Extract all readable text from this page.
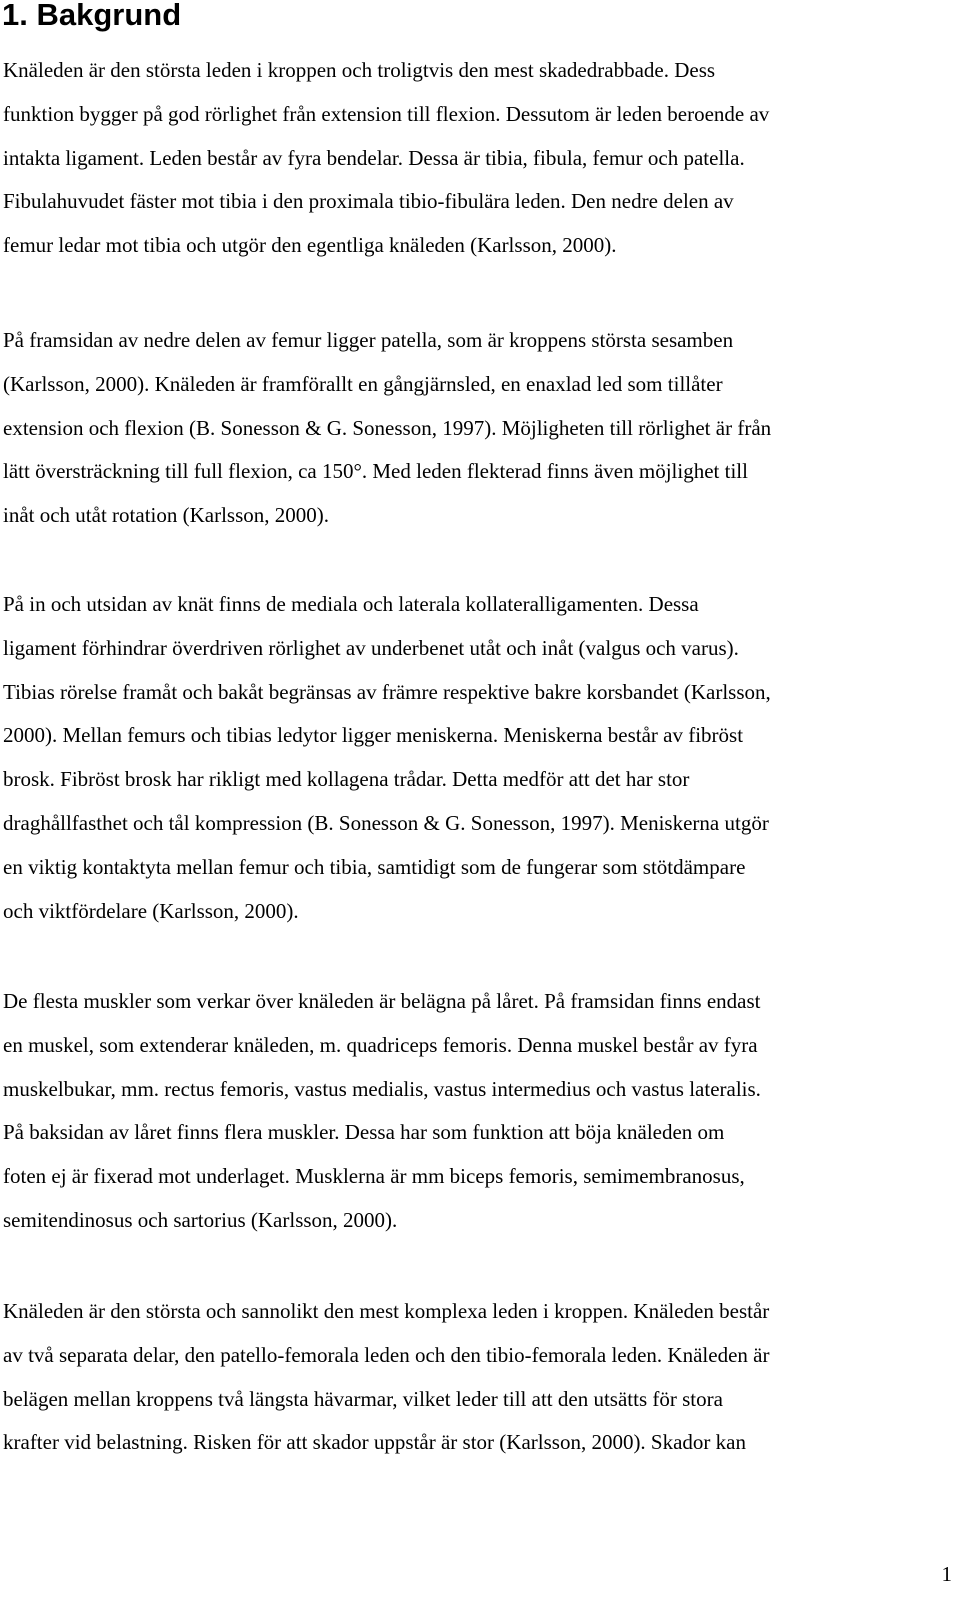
1. Bakgrund

Knäleden är den största leden i kroppen och troligtvis den mest skadedrabbade. Dess
funktion bygger på god rörlighet från extension till flexion. Dessutom är leden beroende av
intakta ligament. Leden består av fyra bendelar. Dessa är tibia, fibula, femur och patella.
Fibulahuvudet fäster mot tibia i den proximala tibio-fibulära leden. Den nedre delen av
femur ledar mot tibia och utgör den egentliga knäleden (Karlsson, 2000).

På framsidan av nedre delen av femur ligger patella, som är kroppens största sesamben
(Karlsson, 2000). Knäleden är framförallt en gångjärnsled, en enaxlad led som tillåter
extension och flexion (B. Sonesson & G. Sonesson, 1997). Möjligheten till rörlighet är från
lätt översträckning till full flexion, ca 150°. Med leden flekterad finns även möjlighet till
inåt och utåt rotation (Karlsson, 2000).

På in och utsidan av knät finns de mediala och laterala kollateralligamenten. Dessa
ligament förhindrar överdriven rörlighet av underbenet utåt och inåt (valgus och varus).
Tibias rörelse framåt och bakåt begränsas av främre respektive bakre korsbandet (Karlsson,
2000). Mellan femurs och tibias ledytor ligger meniskerna. Meniskerna består av fibröst
brosk. Fibröst brosk har rikligt med kollagena trådar. Detta medför att det har stor
draghållfasthet och tål kompression (B. Sonesson & G. Sonesson, 1997). Meniskerna utgör
en viktig kontaktyta mellan femur och tibia, samtidigt som de fungerar som stötdämpare
och viktfördelare (Karlsson, 2000).

De flesta muskler som verkar över knäleden är belägna på låret. På framsidan finns endast
en muskel, som extenderar knäleden, m. quadriceps femoris. Denna muskel består av fyra
muskelbukar, mm. rectus femoris, vastus medialis, vastus intermedius och vastus lateralis.
På baksidan av låret finns flera muskler. Dessa har som funktion att böja knäleden om
foten ej är fixerad mot underlaget. Musklerna är mm biceps femoris, semimembranosus,
semitendinosus och sartorius (Karlsson, 2000).

Knäleden är den största och sannolikt den mest komplexa leden i kroppen. Knäleden består
av två separata delar, den patello-femorala leden och den tibio-femorala leden. Knäleden är
belägen mellan kroppens två längsta hävarmar, vilket leder till att den utsätts för stora
krafter vid belastning. Risken för att skador uppstår är stor (Karlsson, 2000). Skador kan

1
